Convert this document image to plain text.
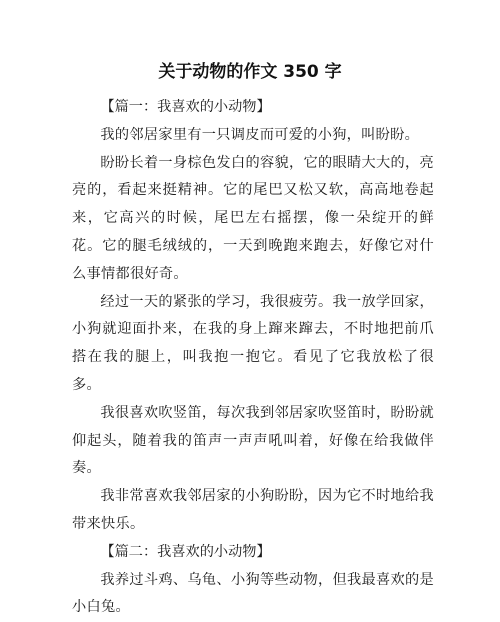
关于动物的作文 350 字

【篇一：我喜欢的小动物】

我的邻居家里有一只调皮而可爱的小狗，叫盼盼。

盼盼长着一身棕色发白的容貌，它的眼睛大大的，亮亮的，看起来挺精神。它的尾巴又松又软，高高地卷起来，它高兴的时候，尾巴左右摇摆，像一朵绽开的鲜花。它的腿毛绒绒的，一天到晚跑来跑去，好像它对什么事情都很好奇。

经过一天的紧张的学习，我很疲劳。我一放学回家，小狗就迎面扑来，在我的身上蹿来蹿去，不时地把前爪搭在我的腿上，叫我抱一抱它。看见了它我放松了很多。

我很喜欢吹竖笛，每次我到邻居家吹竖笛时，盼盼就仰起头，随着我的笛声一声声吼叫着，好像在给我做伴奏。

我非常喜欢我邻居家的小狗盼盼，因为它不时地给我带来快乐。

【篇二：我喜欢的小动物】

我养过斗鸡、乌龟、小狗等些动物，但我最喜欢的是小白兔。
